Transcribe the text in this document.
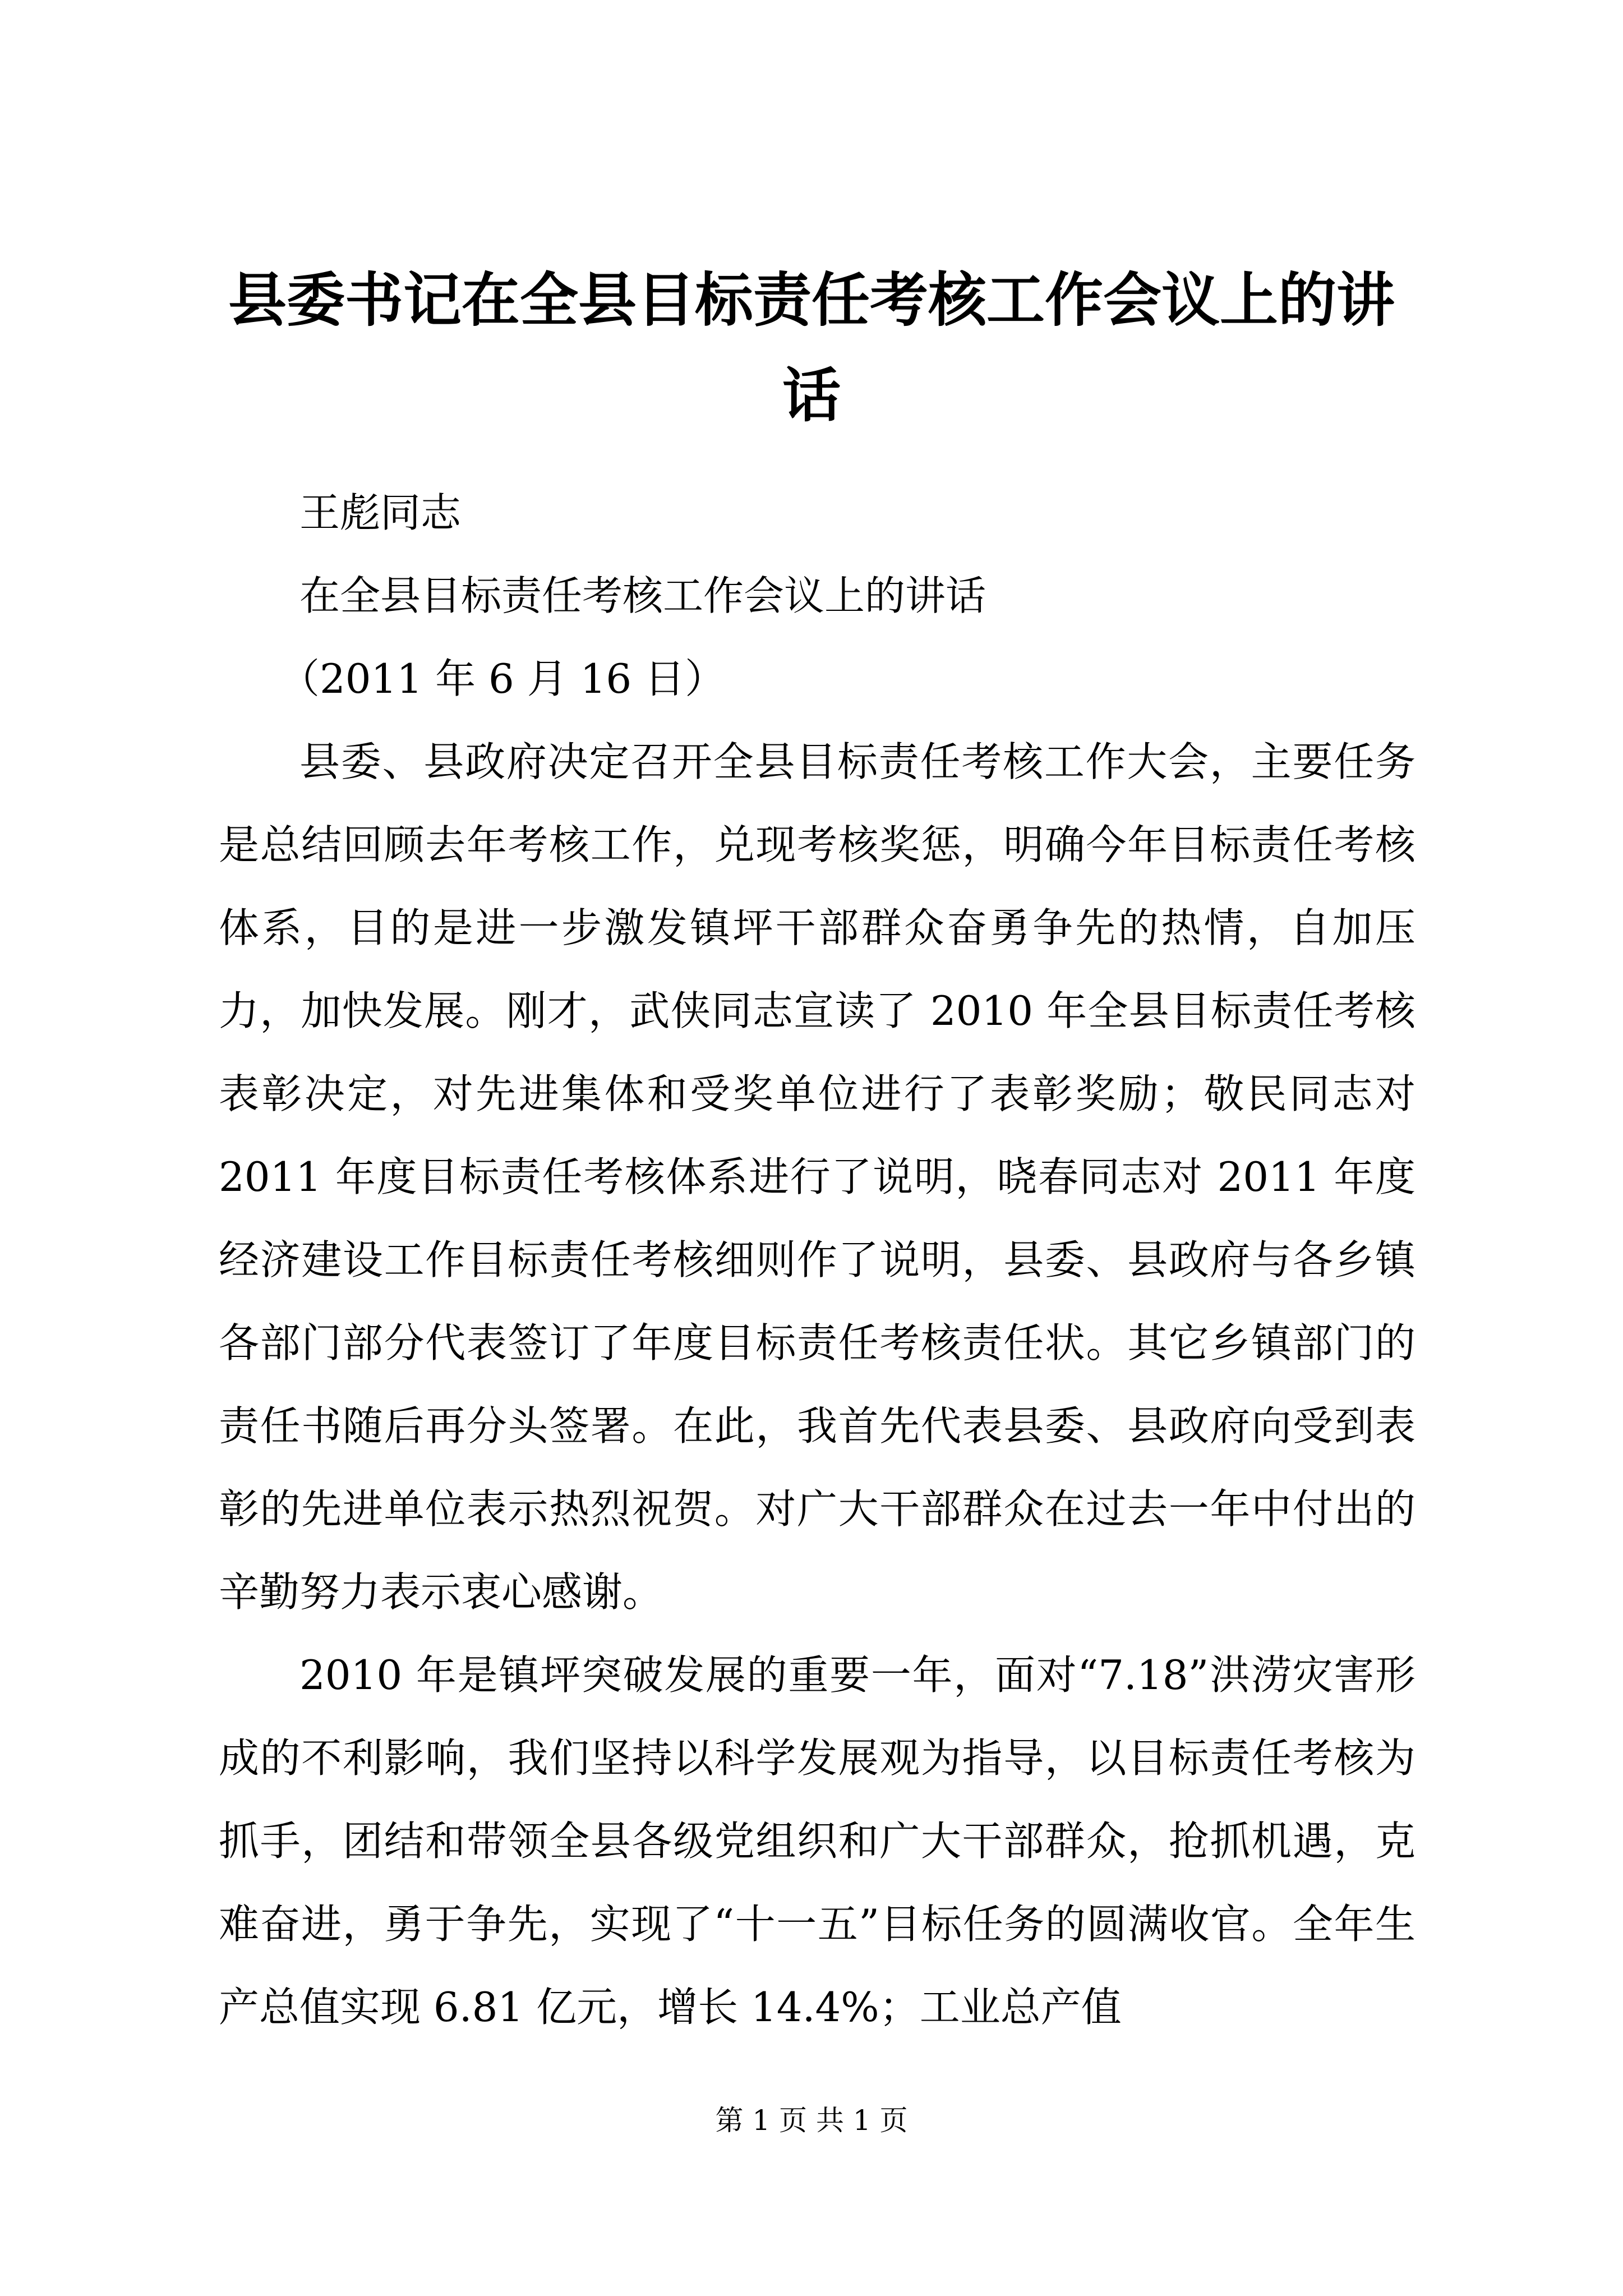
县委书记在全县目标责任考核工作会议上的讲话

王彪同志

在全县目标责任考核工作会议上的讲话

（2011 年 6 月 16 日）

县委、县政府决定召开全县目标责任考核工作大会，主要任务是总结回顾去年考核工作，兑现考核奖惩，明确今年目标责任考核体系，目的是进一步激发镇坪干部群众奋勇争先的热情，自加压力，加快发展。刚才，武侠同志宣读了 2010 年全县目标责任考核表彰决定，对先进集体和受奖单位进行了表彰奖励；敬民同志对 2011 年度目标责任考核体系进行了说明，晓春同志对 2011 年度经济建设工作目标责任考核细则作了说明，县委、县政府与各乡镇各部门部分代表签订了年度目标责任考核责任状。其它乡镇部门的责任书随后再分头签署。在此，我首先代表县委、县政府向受到表彰的先进单位表示热烈祝贺。对广大干部群众在过去一年中付出的辛勤努力表示衷心感谢。

2010 年是镇坪突破发展的重要一年，面对“7.18”洪涝灾害形成的不利影响，我们坚持以科学发展观为指导，以目标责任考核为抓手，团结和带领全县各级党组织和广大干部群众，抢抓机遇，克难奋进，勇于争先，实现了“十一五”目标任务的圆满收官。全年生产总值实现 6.81 亿元，增长 14.4%；工业总产值

第 1 页 共 1 页
